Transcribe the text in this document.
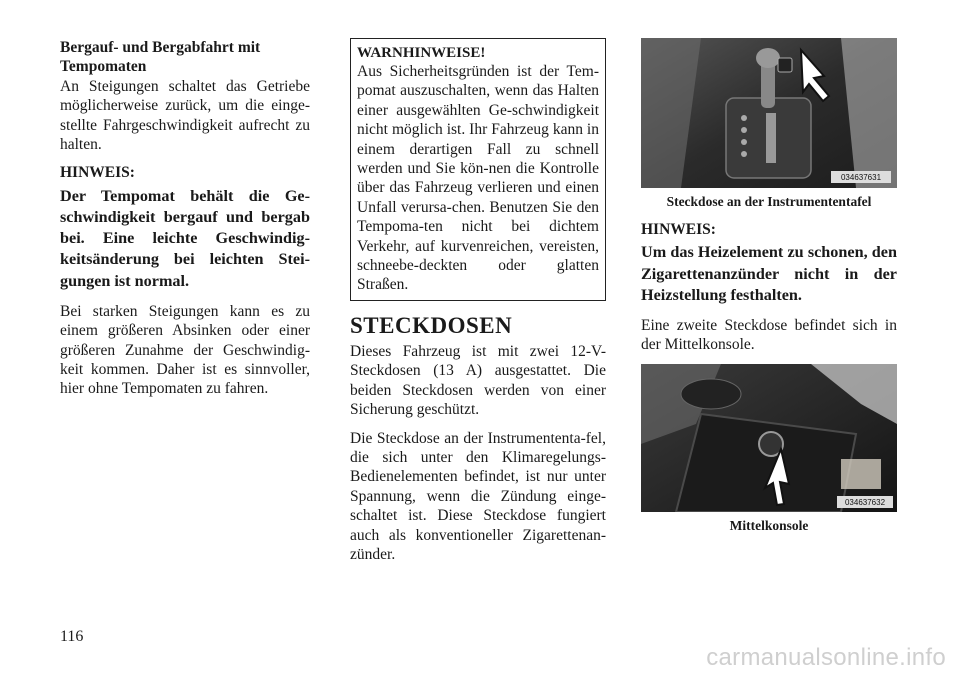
Bergauf- und Bergabfahrt mit Tempomaten

An Steigungen schaltet das Getriebe möglicherweise zurück, um die einge-stellte Fahrgeschwindigkeit aufrecht zu halten.

HINWEIS:

Der Tempomat behält die Ge-schwindigkeit bergauf und bergab bei. Eine leichte Geschwindig-keitsänderung bei leichten Stei-gungen ist normal.

Bei starken Steigungen kann es zu einem größeren Absinken oder einer größeren Zunahme der Geschwindig-keit kommen. Daher ist es sinnvoller, hier ohne Tempomaten zu fahren.

WARNHINWEISE!

Aus Sicherheitsgründen ist der Tem-pomat auszuschalten, wenn das Halten einer ausgewählten Ge-schwindigkeit nicht möglich ist. Ihr Fahrzeug kann in einem derartigen Fall zu schnell werden und Sie kön-nen die Kontrolle über das Fahrzeug verlieren und einen Unfall verursa-chen. Benutzen Sie den Tempoma-ten nicht bei dichtem Verkehr, auf kurvenreichen, vereisten, schneebe-deckten oder glatten Straßen.

STECKDOSEN

Dieses Fahrzeug ist mit zwei 12-V-Steckdosen (13 A) ausgestattet. Die beiden Steckdosen werden von einer Sicherung geschützt.

Die Steckdose an der Instrumententa-fel, die sich unter den Klimaregelungs-Bedienelementen befindet, ist nur unter Spannung, wenn die Zündung einge-schaltet ist. Diese Steckdose fungiert auch als konventioneller Zigarettenan-zünder.

034637631
Steckdose an der Instrumententafel
HINWEIS:

Um das Heizelement zu schonen, den Zigarettenanzünder nicht in der Heizstellung festhalten.

Eine zweite Steckdose befindet sich in der Mittelkonsole.

034637632
Mittelkonsole
116
carmanualsonline.info
